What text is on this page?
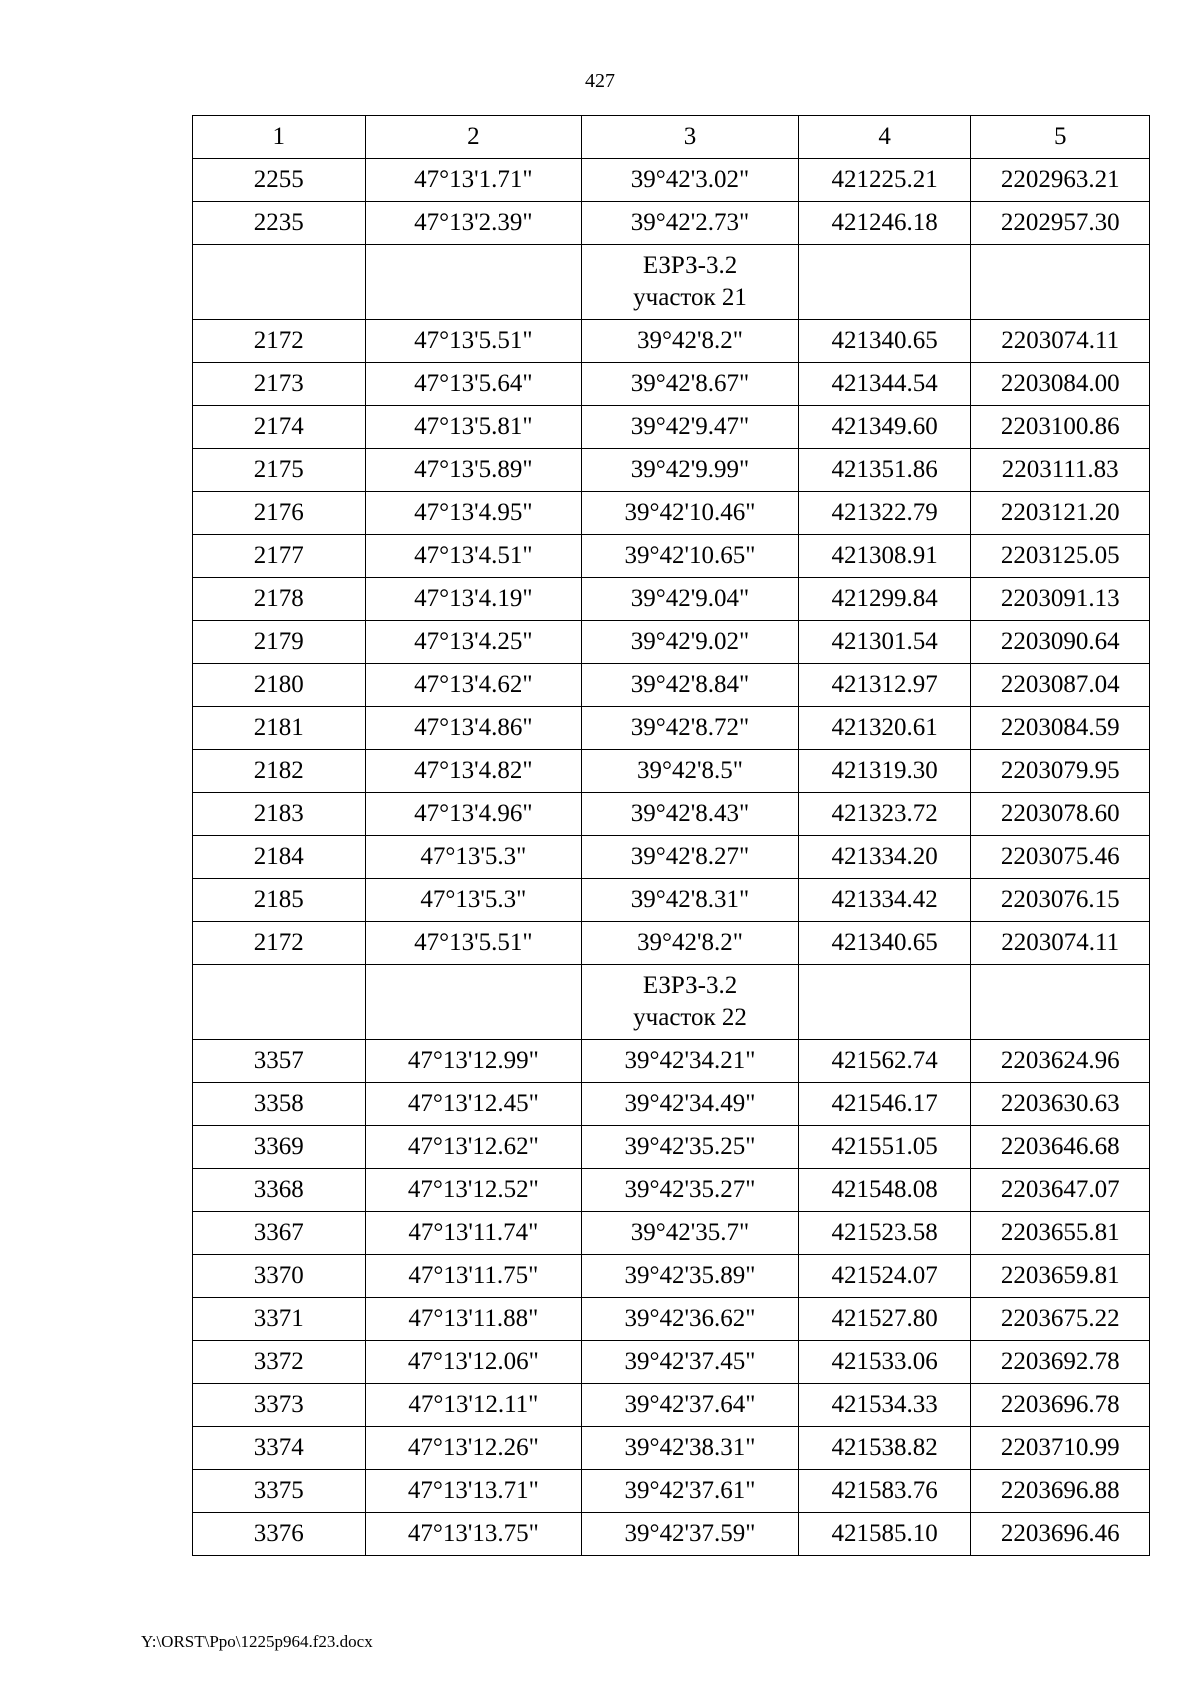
427
1	2	3	4	5
2255	47°13'1.71"	39°42'3.02"	421225.21	2202963.21
2235	47°13'2.39"	39°42'2.73"	421246.18	2202957.30

		ЕЗРЗ-3.2
участок 21		

2172	47°13'5.51"	39°42'8.2"	421340.65	2203074.11
2173	47°13'5.64"	39°42'8.67"	421344.54	2203084.00
2174	47°13'5.81"	39°42'9.47"	421349.60	2203100.86
2175	47°13'5.89"	39°42'9.99"	421351.86	2203111.83
2176	47°13'4.95"	39°42'10.46"	421322.79	2203121.20
2177	47°13'4.51"	39°42'10.65"	421308.91	2203125.05
2178	47°13'4.19"	39°42'9.04"	421299.84	2203091.13
2179	47°13'4.25"	39°42'9.02"	421301.54	2203090.64
2180	47°13'4.62"	39°42'8.84"	421312.97	2203087.04
2181	47°13'4.86"	39°42'8.72"	421320.61	2203084.59
2182	47°13'4.82"	39°42'8.5"	421319.30	2203079.95
2183	47°13'4.96"	39°42'8.43"	421323.72	2203078.60
2184	47°13'5.3"	39°42'8.27"	421334.20	2203075.46
2185	47°13'5.3"	39°42'8.31"	421334.42	2203076.15
2172	47°13'5.51"	39°42'8.2"	421340.65	2203074.11

		ЕЗРЗ-3.2
участок 22		

3357	47°13'12.99"	39°42'34.21"	421562.74	2203624.96
3358	47°13'12.45"	39°42'34.49"	421546.17	2203630.63
3369	47°13'12.62"	39°42'35.25"	421551.05	2203646.68
3368	47°13'12.52"	39°42'35.27"	421548.08	2203647.07
3367	47°13'11.74"	39°42'35.7"	421523.58	2203655.81
3370	47°13'11.75"	39°42'35.89"	421524.07	2203659.81
3371	47°13'11.88"	39°42'36.62"	421527.80	2203675.22
3372	47°13'12.06"	39°42'37.45"	421533.06	2203692.78
3373	47°13'12.11"	39°42'37.64"	421534.33	2203696.78
3374	47°13'12.26"	39°42'38.31"	421538.82	2203710.99
3375	47°13'13.71"	39°42'37.61"	421583.76	2203696.88
3376	47°13'13.75"	39°42'37.59"	421585.10	2203696.46
Y:\ORST\Ppo\1225p964.f23.docx
